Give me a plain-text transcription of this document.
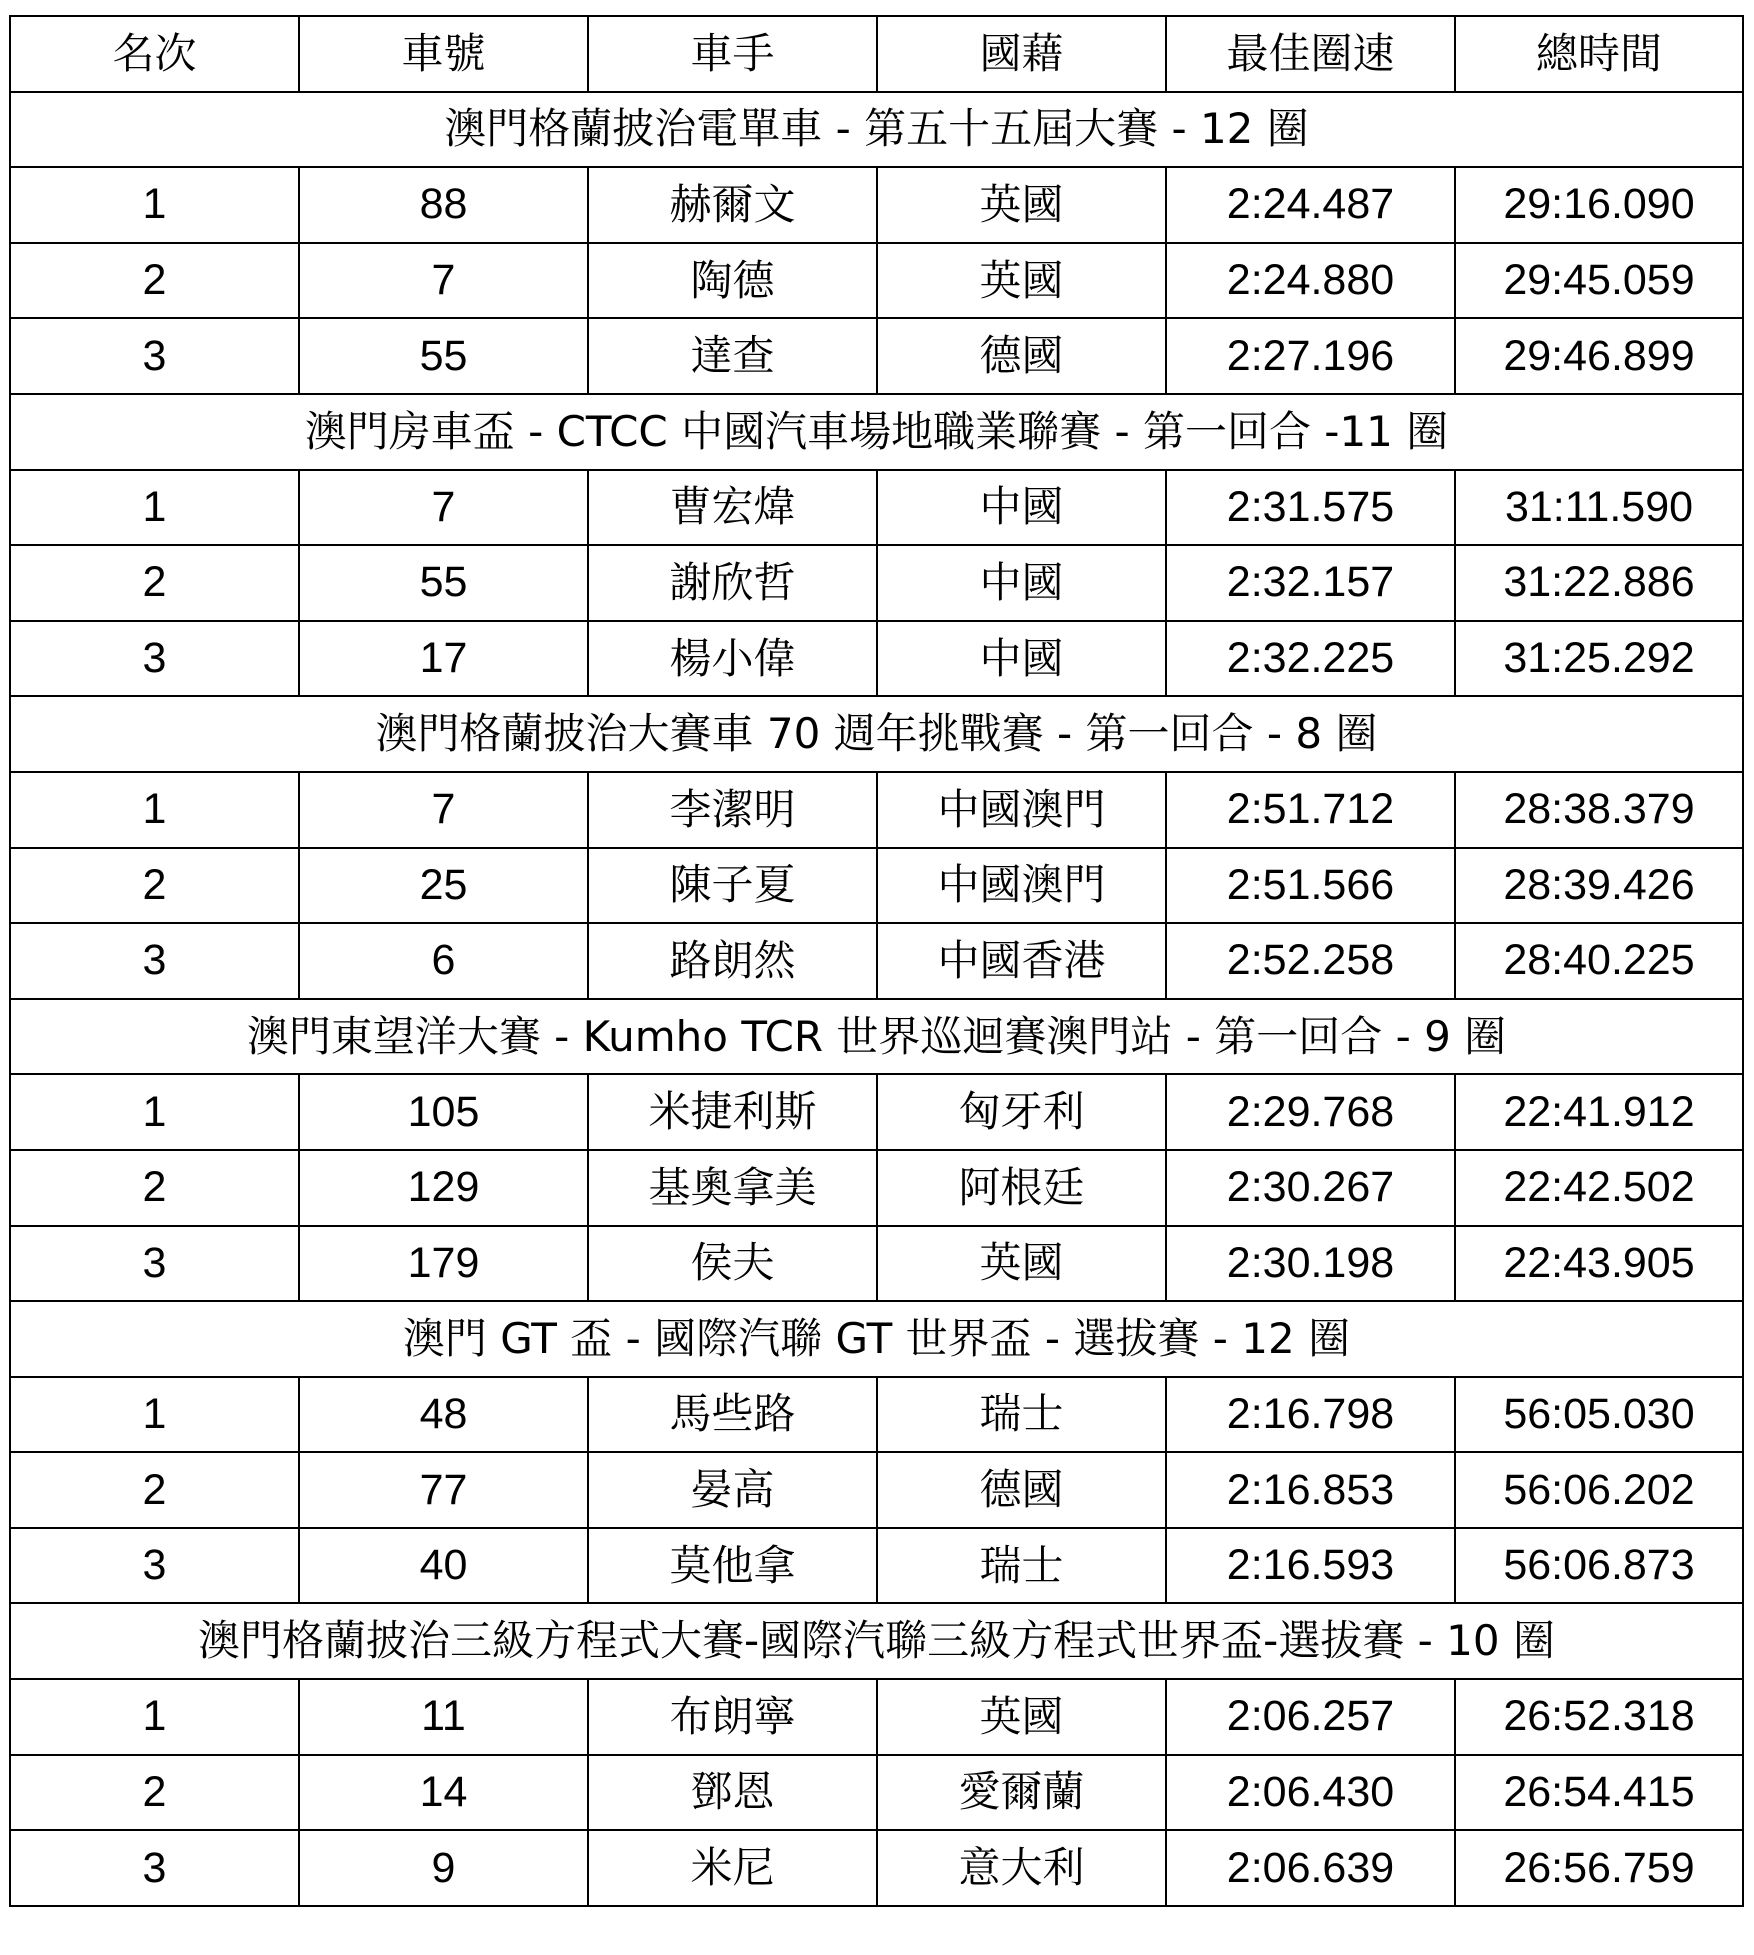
名次	車號	車手	國藉	最佳圈速	總時間
澳門格蘭披治電單車 - 第五十五屆大賽 - 12 圈					
1	88	赫爾文	英國	2:24.487	29:16.090
2	7	陶德	英國	2:24.880	29:45.059
3	55	達查	德國	2:27.196	29:46.899
澳門房車盃 - CTCC 中國汽車場地職業聯賽 - 第一回合 -11 圈					
1	7	曹宏煒	中國	2:31.575	31:11.590
2	55	謝欣哲	中國	2:32.157	31:22.886
3	17	楊小偉	中國	2:32.225	31:25.292
澳門格蘭披治大賽車 70 週年挑戰賽 - 第一回合 - 8 圈					
1	7	李潔明	中國澳門	2:51.712	28:38.379
2	25	陳子夏	中國澳門	2:51.566	28:39.426
3	6	路朗然	中國香港	2:52.258	28:40.225
澳門東望洋大賽 - Kumho TCR 世界巡迴賽澳門站 - 第一回合 - 9 圈					
1	105	米捷利斯	匈牙利	2:29.768	22:41.912
2	129	基奧拿美	阿根廷	2:30.267	22:42.502
3	179	侯夫	英國	2:30.198	22:43.905
澳門 GT 盃 - 國際汽聯 GT 世界盃 - 選拔賽 - 12 圈					
1	48	馬些路	瑞士	2:16.798	56:05.030
2	77	晏高	德國	2:16.853	56:06.202
3	40	莫他拿	瑞士	2:16.593	56:06.873
澳門格蘭披治三級方程式大賽-國際汽聯三級方程式世界盃-選拔賽 - 10 圈					
1	11	布朗寧	英國	2:06.257	26:52.318
2	14	鄧恩	愛爾蘭	2:06.430	26:54.415
3	9	米尼	意大利	2:06.639	26:56.759
